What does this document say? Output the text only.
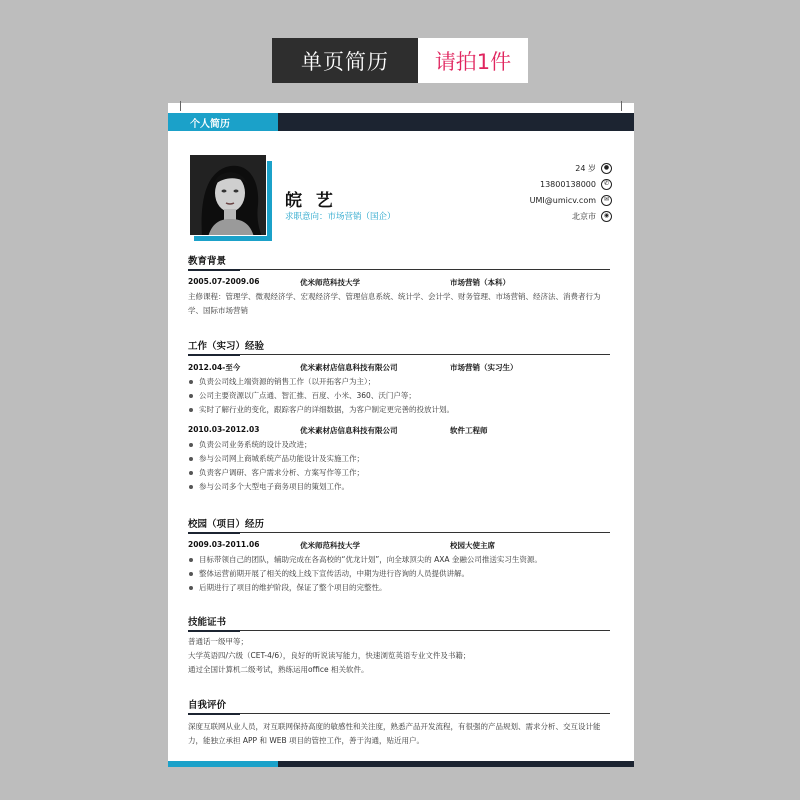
单页简历	请拍1件
个人简历
皖 艺
求职意向：市场营销（国企）
24 岁	●
13800138000	✆
UMI@umicv.com	✉
北京市	◉
教育背景
2005.07-2009.06	优米师范科技大学	市场营销（本科）
主修课程：管理学、微观经济学、宏观经济学、管理信息系统、统计学、会计学、财务管理、市场营销、经济法、消费者行为学、国际市场营销
工作（实习）经验
2012.04-至今	优米素材店信息科技有限公司	市场营销（实习生）
负责公司线上端资源的销售工作（以开拓客户为主）；
公司主要资源以广点通、智汇推、百度、小米、360、沃门户等；
实时了解行业的变化，跟踪客户的详细数据，为客户制定更完善的投放计划。
2010.03-2012.03	优米素材店信息科技有限公司	软件工程师
负责公司业务系统的设计及改进；
参与公司网上商城系统产品功能设计及实施工作；
负责客户调研、客户需求分析、方案写作等工作；
参与公司多个大型电子商务项目的策划工作。
校园（项目）经历
2009.03-2011.06	优米师范科技大学	校园大使主席
目标带领自己的团队，辅助完成在各高校的“优龙计划”，向全球顶尖的 AXA 金融公司推送实习生资源。
整体运营前期开展了相关的线上线下宣传活动，中期为进行咨询的人员提供讲解。
后期进行了项目的维护阶段，保证了整个项目的完整性。
技能证书
普通话一级甲等；
大学英语四/六级（CET-4/6），良好的听说读写能力，快速浏览英语专业文件及书籍；
通过全国计算机二级考试，熟练运用office 相关软件。
自我评价
深度互联网从业人员，对互联网保持高度的敏感性和关注度，熟悉产品开发流程，有很强的产品规划、需求分析、交互设计能力，能独立承担 APP 和 WEB 项目的管控工作，善于沟通，贴近用户。
